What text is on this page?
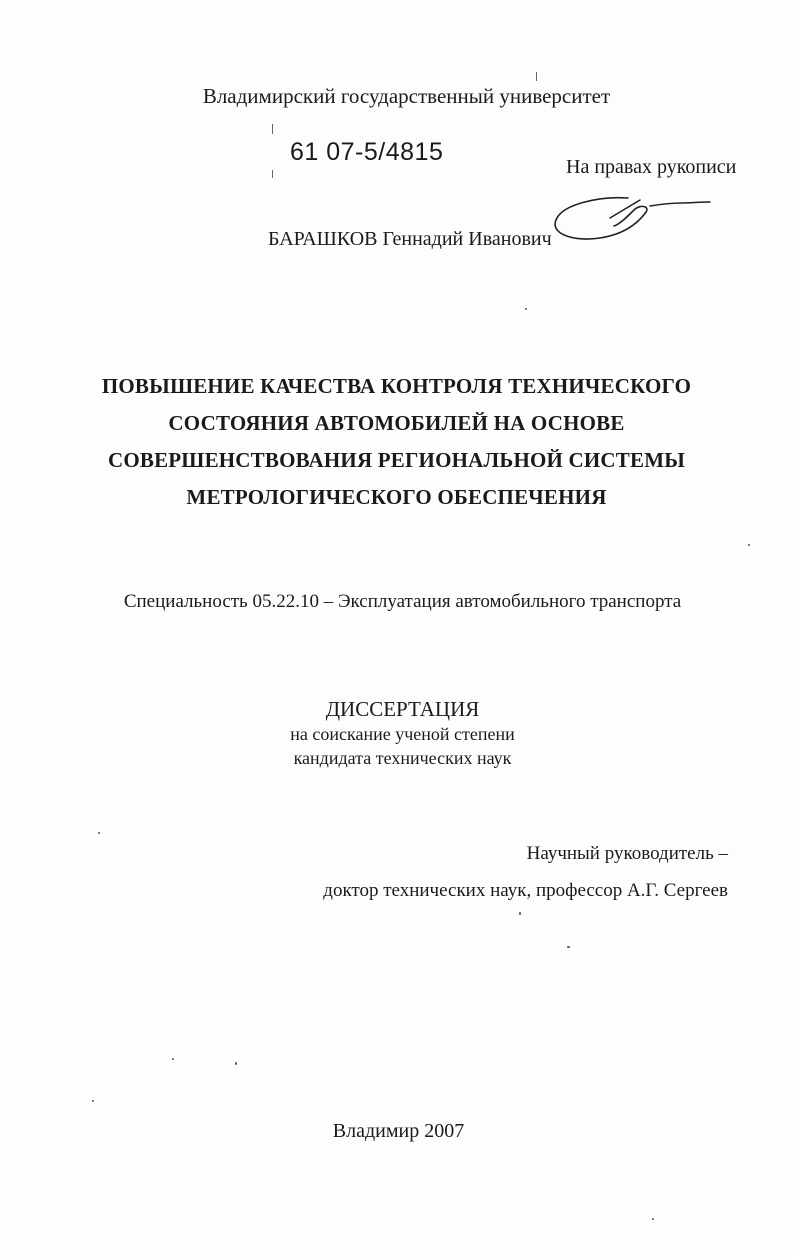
Владимирский государственный университет
61 07-5/4815
На правах рукописи
БАРАШКОВ Геннадий Иванович
ПОВЫШЕНИЕ КАЧЕСТВА КОНТРОЛЯ ТЕХНИЧЕСКОГО
СОСТОЯНИЯ АВТОМОБИЛЕЙ НА ОСНОВЕ
СОВЕРШЕНСТВОВАНИЯ РЕГИОНАЛЬНОЙ СИСТЕМЫ
МЕТРОЛОГИЧЕСКОГО ОБЕСПЕЧЕНИЯ
Специальность 05.22.10 – Эксплуатация автомобильного транспорта
ДИССЕРТАЦИЯ
на соискание ученой степени
кандидата технических наук
Научный руководитель –
доктор технических наук, профессор А.Г. Сергеев
Владимир 2007
